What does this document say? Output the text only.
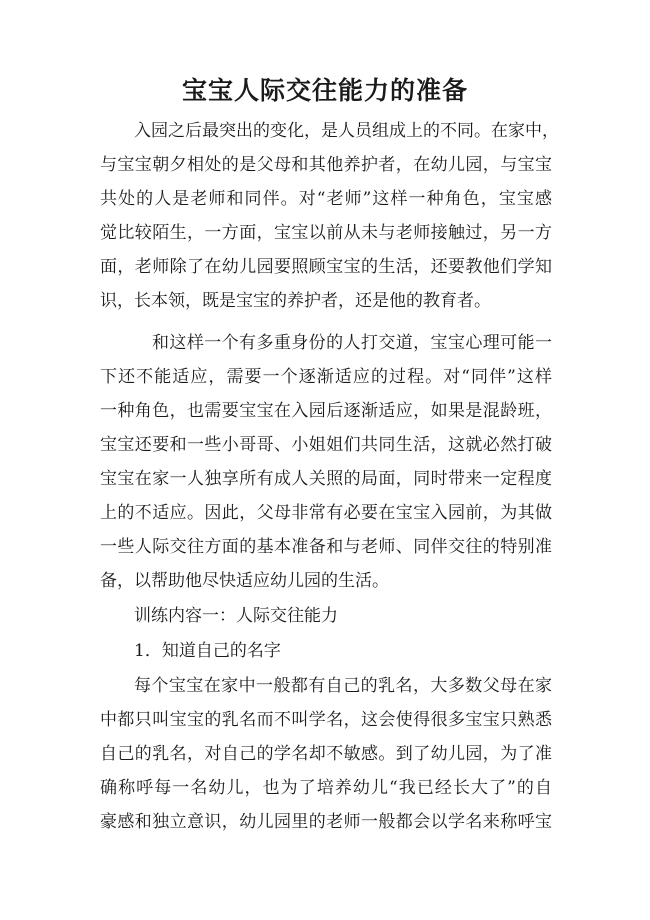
宝宝人际交往能力的准备
入园之后最突出的变化，是人员组成上的不同。在家中，
与宝宝朝夕相处的是父母和其他养护者，在幼儿园，与宝宝
共处的人是老师和同伴。对“老师”这样一种角色，宝宝感
觉比较陌生，一方面，宝宝以前从未与老师接触过，另一方
面，老师除了在幼儿园要照顾宝宝的生活，还要教他们学知
识，长本领，既是宝宝的养护者，还是他的教育者。
和这样一个有多重身份的人打交道，宝宝心理可能一
下还不能适应，需要一个逐渐适应的过程。对“同伴”这样
一种角色，也需要宝宝在入园后逐渐适应，如果是混龄班，
宝宝还要和一些小哥哥、小姐姐们共同生活，这就必然打破
宝宝在家一人独享所有成人关照的局面，同时带来一定程度
上的不适应。因此，父母非常有必要在宝宝入园前，为其做
一些人际交往方面的基本准备和与老师、同伴交往的特别准
备，以帮助他尽快适应幼儿园的生活。
训练内容一：人际交往能力
1．知道自己的名字
每个宝宝在家中一般都有自己的乳名，大多数父母在家
中都只叫宝宝的乳名而不叫学名，这会使得很多宝宝只熟悉
自己的乳名，对自己的学名却不敏感。到了幼儿园，为了准
确称呼每一名幼儿，也为了培养幼儿“我已经长大了”的自
豪感和独立意识，幼儿园里的老师一般都会以学名来称呼宝
